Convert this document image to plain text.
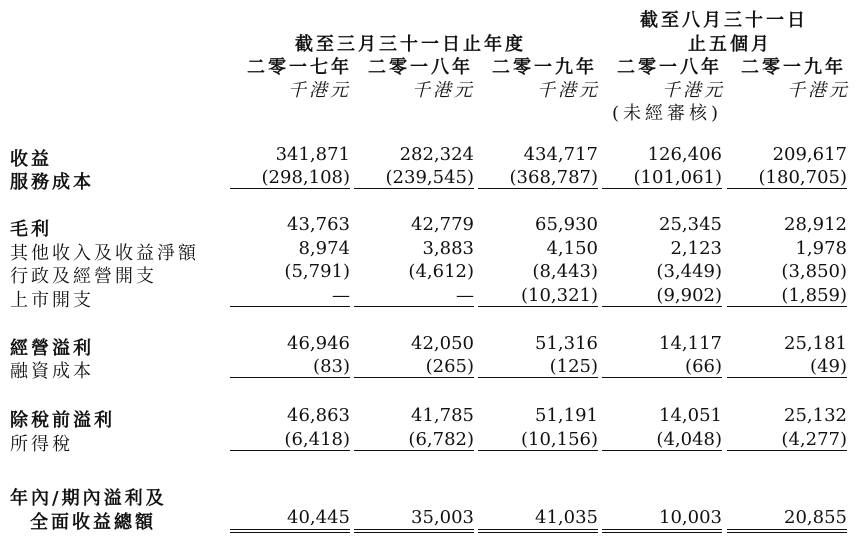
截至三月三十一日止年度
截至八月三十一日
止五個月
二零一七年 二零一八年 二零一九年 二零一八年 二零一九年
千港元	千港元	千港元	千港元	千港元
(未經審核)
收益	341,871	282,324	434,717	126,406	209,617
服務成本	(298,108)	(239,545)	(368,787)	(101,061)	(180,705)
毛利	43,763	42,779	65,930	25,345	28,912
其他收入及收益淨額	8,974	3,883	4,150	2,123	1,978
行政及經營開支	(5,791)	(4,612)	(8,443)	(3,449)	(3,850)
上市開支	—	—	(10,321)	(9,902)	(1,859)
經營溢利	46,946	42,050	51,316	14,117	25,181
融資成本	(83)	(265)	(125)	(66)	(49)
除稅前溢利	46,863	41,785	51,191	14,051	25,132
所得稅	(6,418)	(6,782)	(10,156)	(4,048)	(4,277)
年內/期內溢利及
全面收益總額	40,445	35,003	41,035	10,003	20,855
